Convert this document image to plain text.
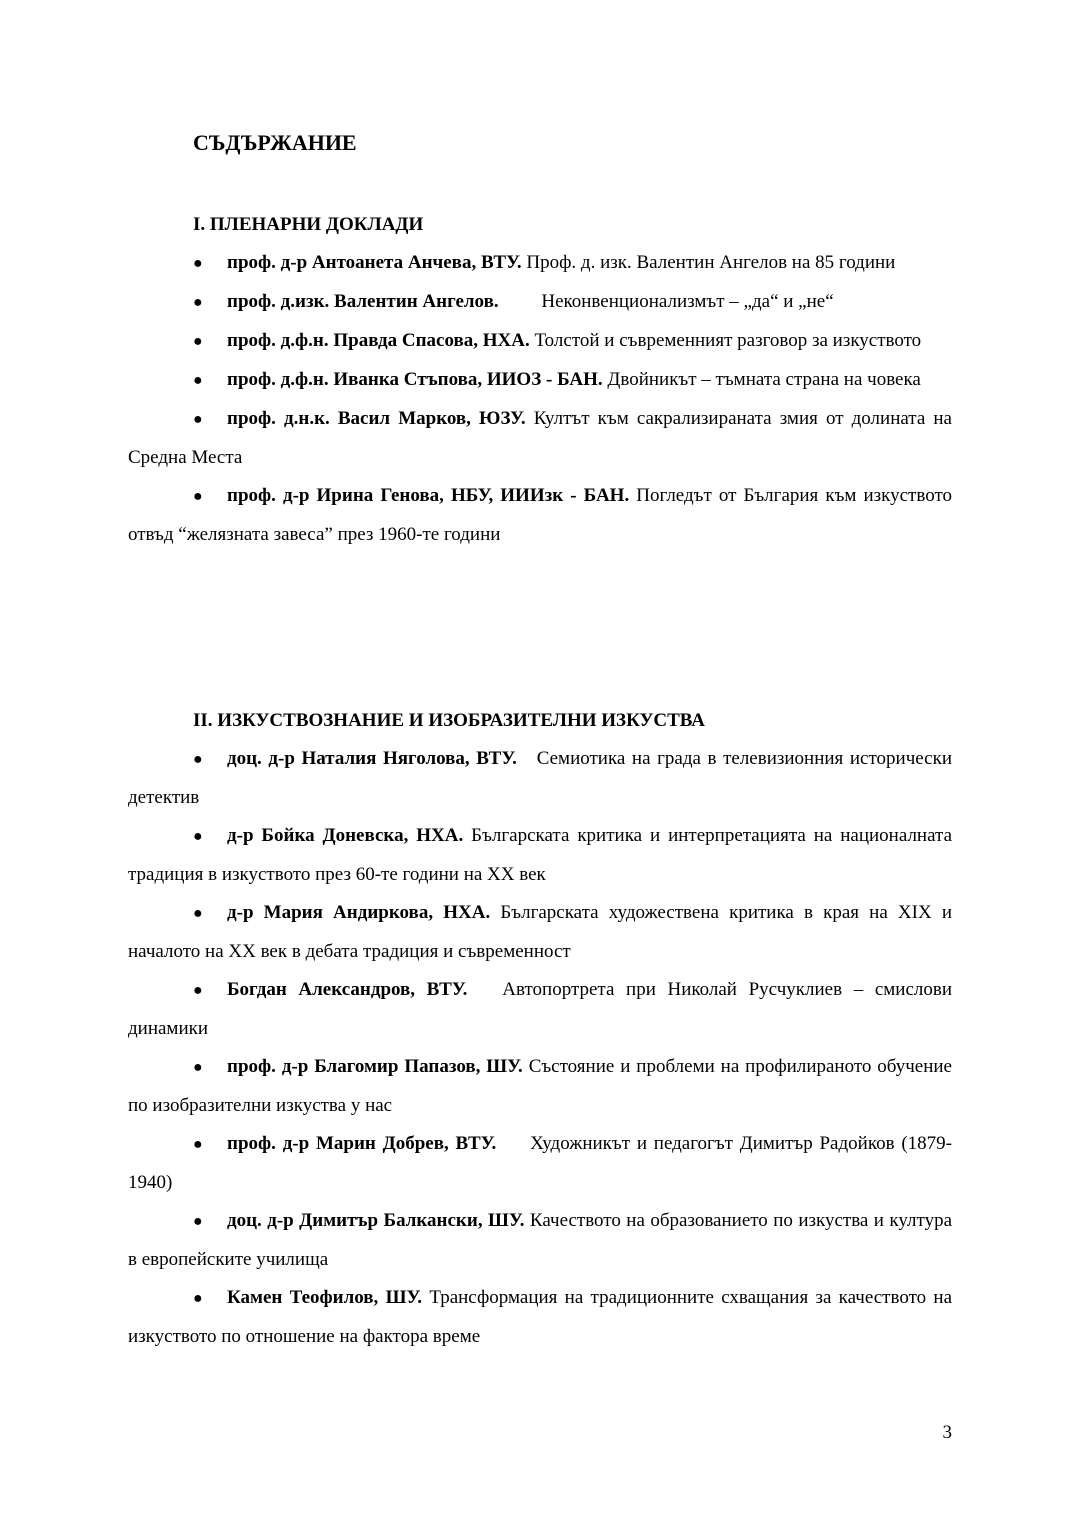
СЪДЪРЖАНИЕ
I. ПЛЕНАРНИ ДОКЛАДИ

● проф. д-р Антоанета Анчева, ВТУ. Проф. д. изк. Валентин Ангелов на 85 години

● проф. д.изк. Валентин Ангелов. Неконвенционализмът – „да“ и „не“

● проф. д.ф.н. Правда Спасова, НХА. Толстой и съвременният разговор за изкуството

● проф. д.ф.н. Иванка Стъпова, ИИОЗ - БАН. Двойникът – тъмната страна на човека

● проф. д.н.к. Васил Марков, ЮЗУ. Култът към сакрализираната змия от долината на Средна Места

● проф. д-р Ирина Генова, НБУ, ИИИзк - БАН. Погледът от България към изкуството отвъд “желязната завеса” през 1960-те години

II. ИЗКУСТВОЗНАНИЕ И ИЗОБРАЗИТЕЛНИ ИЗКУСТВА

● доц. д-р Наталия Няголова, ВТУ. Семиотика на града в телевизионния исторически детектив

● д-р Бойка Доневска, НХА. Българската критика и интерпретацията на националната традиция в изкуството през 60-те години на ХХ век

● д-р Мария Андиркова, НХА. Българската художествена критика в края на XIX и началото на XX век в дебата традиция и съвременност

● Богдан Александров, ВТУ. Автопортрета при Николай Русчуклиев – смислови динамики

● проф. д-р Благомир Папазов, ШУ. Състояние и проблеми на профилираното обучение по изобразителни изкуства у нас

● проф. д-р Марин Добрев, ВТУ. Художникът и педагогът Димитър Радойков (1879-1940)

● доц. д-р Димитър Балкански, ШУ. Качеството на образованието по изкуства и култура в европейските училища

● Камен Теофилов, ШУ. Трансформация на традиционните схващания за качеството на изкуството по отношение на фактора време

3
